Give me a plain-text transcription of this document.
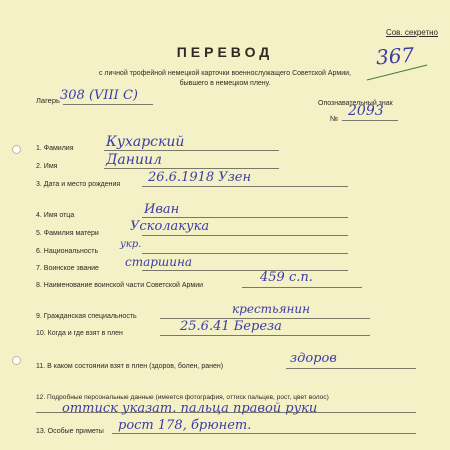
Сов. секретно
367
ПЕРЕВОД
с личной трофейной немецкой карточки военнослужащего Советской Армии,
бывшего в немецком плену.
Лагерь 308 (VIII C)
Опознавательный знак
№ 2093
1. Фамилия Кухарский
2. Имя	Даниил
3. Дата и место рождения 26.6.1918 Узен
4. Имя отца	Иван
5. Фамилия матери Усколакука
6. Национальность
укр.
7. Воинское звание старшина
8. Наименование воинской части Советской Армии
459 с.п.
9. Гражданская специальность
крестьянин
10. Когда и где взят в плен	25.6.41 Береза
11. В каком состоянии взят в плен (здоров, болен, ранен)
здоров
12. Подробные персональные данные (имеется фотография, оттиск пальцев, рост, цвет волос)
оттиск указат. пальца правой руки
13. Особые приметы рост 178, брюнет.
